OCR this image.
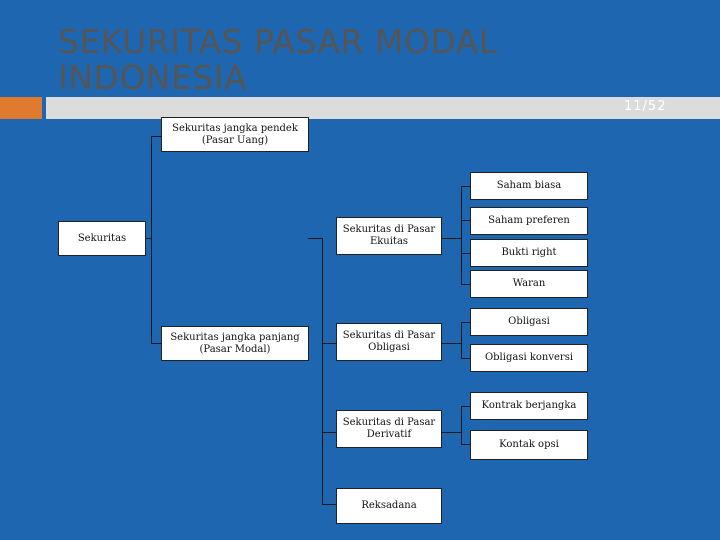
SEKURITAS PASAR MODAL INDONESIA
11/52
Sekuritas
Sekuritas jangka pendek
(Pasar Uang)
Sekuritas jangka panjang
(Pasar Modal)
Sekuritas di Pasar
Ekuitas
Sekuritas di Pasar
Obligasi
Sekuritas di Pasar
Derivatif
Reksadana
Saham biasa
Saham preferen
Bukti right
Waran
Obligasi
Obligasi konversi
Kontrak berjangka
Kontak opsi
